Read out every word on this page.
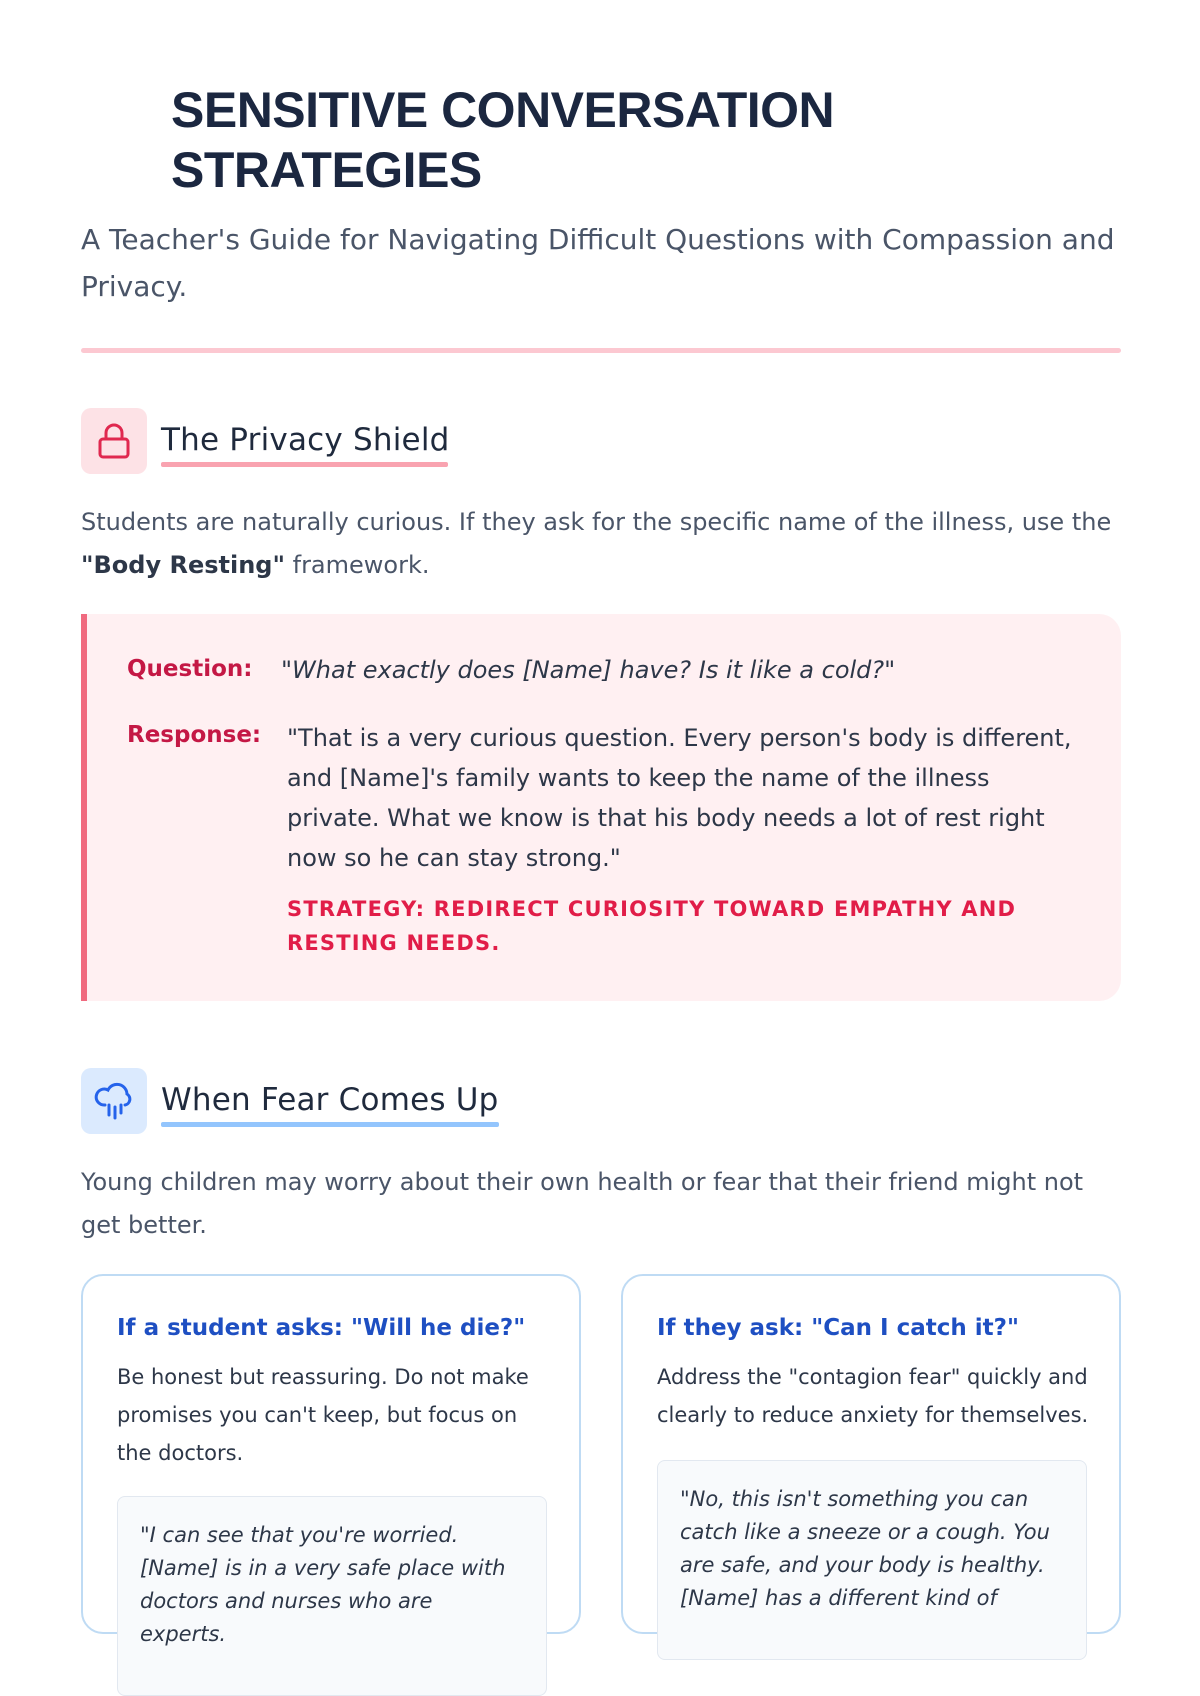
SENSITIVE CONVERSATION
STRATEGIES
A Teacher's Guide for Navigating Difficult Questions with Compassion and Privacy.
The Privacy Shield
Students are naturally curious. If they ask for the specific name of the illness, use the "Body Resting" framework.
Question: "What exactly does [Name] have? Is it like a cold?"
Response: "That is a very curious question. Every person's body is different, and [Name]'s family wants to keep the name of the illness private. What we know is that his body needs a lot of rest right now so he can stay strong."
STRATEGY: REDIRECT CURIOSITY TOWARD EMPATHY AND RESTING NEEDS.
When Fear Comes Up
Young children may worry about their own health or fear that their friend might not get better.
If a student asks: "Will he die?"
Be honest but reassuring. Do not make promises you can't keep, but focus on the doctors.
"I can see that you're worried. [Name] is in a very safe place with doctors and nurses who are experts.
If they ask: "Can I catch it?"
Address the "contagion fear" quickly and clearly to reduce anxiety for themselves.
"No, this isn't something you can catch like a sneeze or a cough. You are safe, and your body is healthy. [Name] has a different kind of
